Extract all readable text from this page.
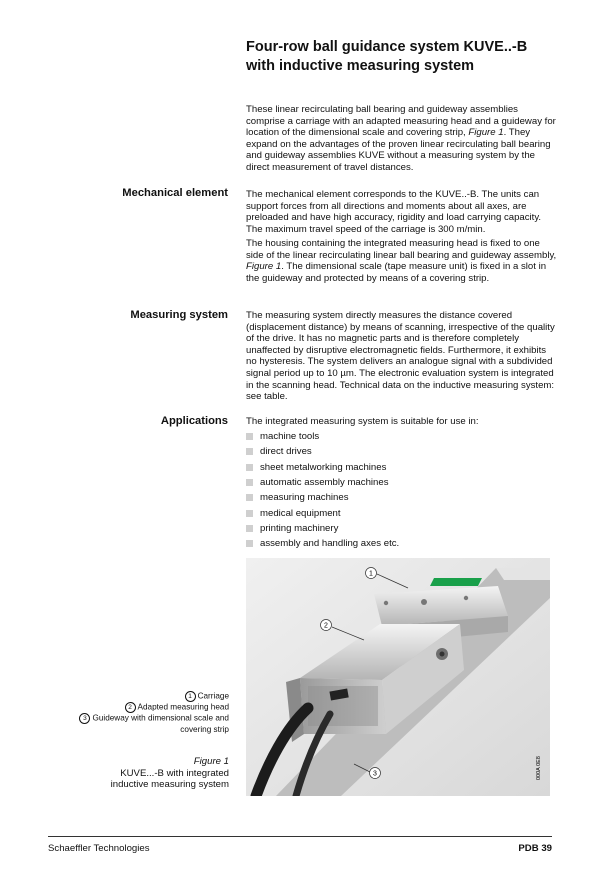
Four-row ball guidance system KUVE..-B
with inductive measuring system
These linear recirculating ball bearing and guideway assemblies comprise a carriage with an adapted measuring head and a guideway for location of the dimensional scale and covering strip, Figure 1. They expand on the advantages of the proven linear recirculating ball bearing and guideway assemblies KUVE without a measuring system by the direct measurement of travel distances.
Mechanical element The mechanical element corresponds to the KUVE..-B. The units can support forces from all directions and moments about all axes, are preloaded and have high accuracy, rigidity and load carrying capacity. The maximum travel speed of the carriage is 300 m/min.
The housing containing the integrated measuring head is fixed to one side of the linear recirculating linear ball bearing and guideway assembly, Figure 1. The dimensional scale (tape measure unit) is fixed in a slot in the guideway and protected by means of a covering strip.
Measuring system The measuring system directly measures the distance covered (displacement distance) by means of scanning, irrespective of the quality of the drive. It has no magnetic parts and is therefore completely unaffected by disruptive electromagnetic fields. Furthermore, it exhibits no hysteresis. The system delivers an analogue signal with a subdivided signal period up to 10 µm. The electronic evaluation system is integrated in the scanning head. Technical data on the inductive measuring system: see table.
Applications The integrated measuring system is suitable for use in:
machine tools
direct drives
sheet metalworking machines
automatic assembly machines
measuring machines
medical equipment
printing machinery
assembly and handling axes etc.
1
2
3	000A 0E8
1 Carriage
2 Adapted measuring head
3 Guideway with dimensional scale and covering strip
Figure 1
KUVE...-B with integrated
inductive measuring system
Schaeffler Technologies	PDB 39
